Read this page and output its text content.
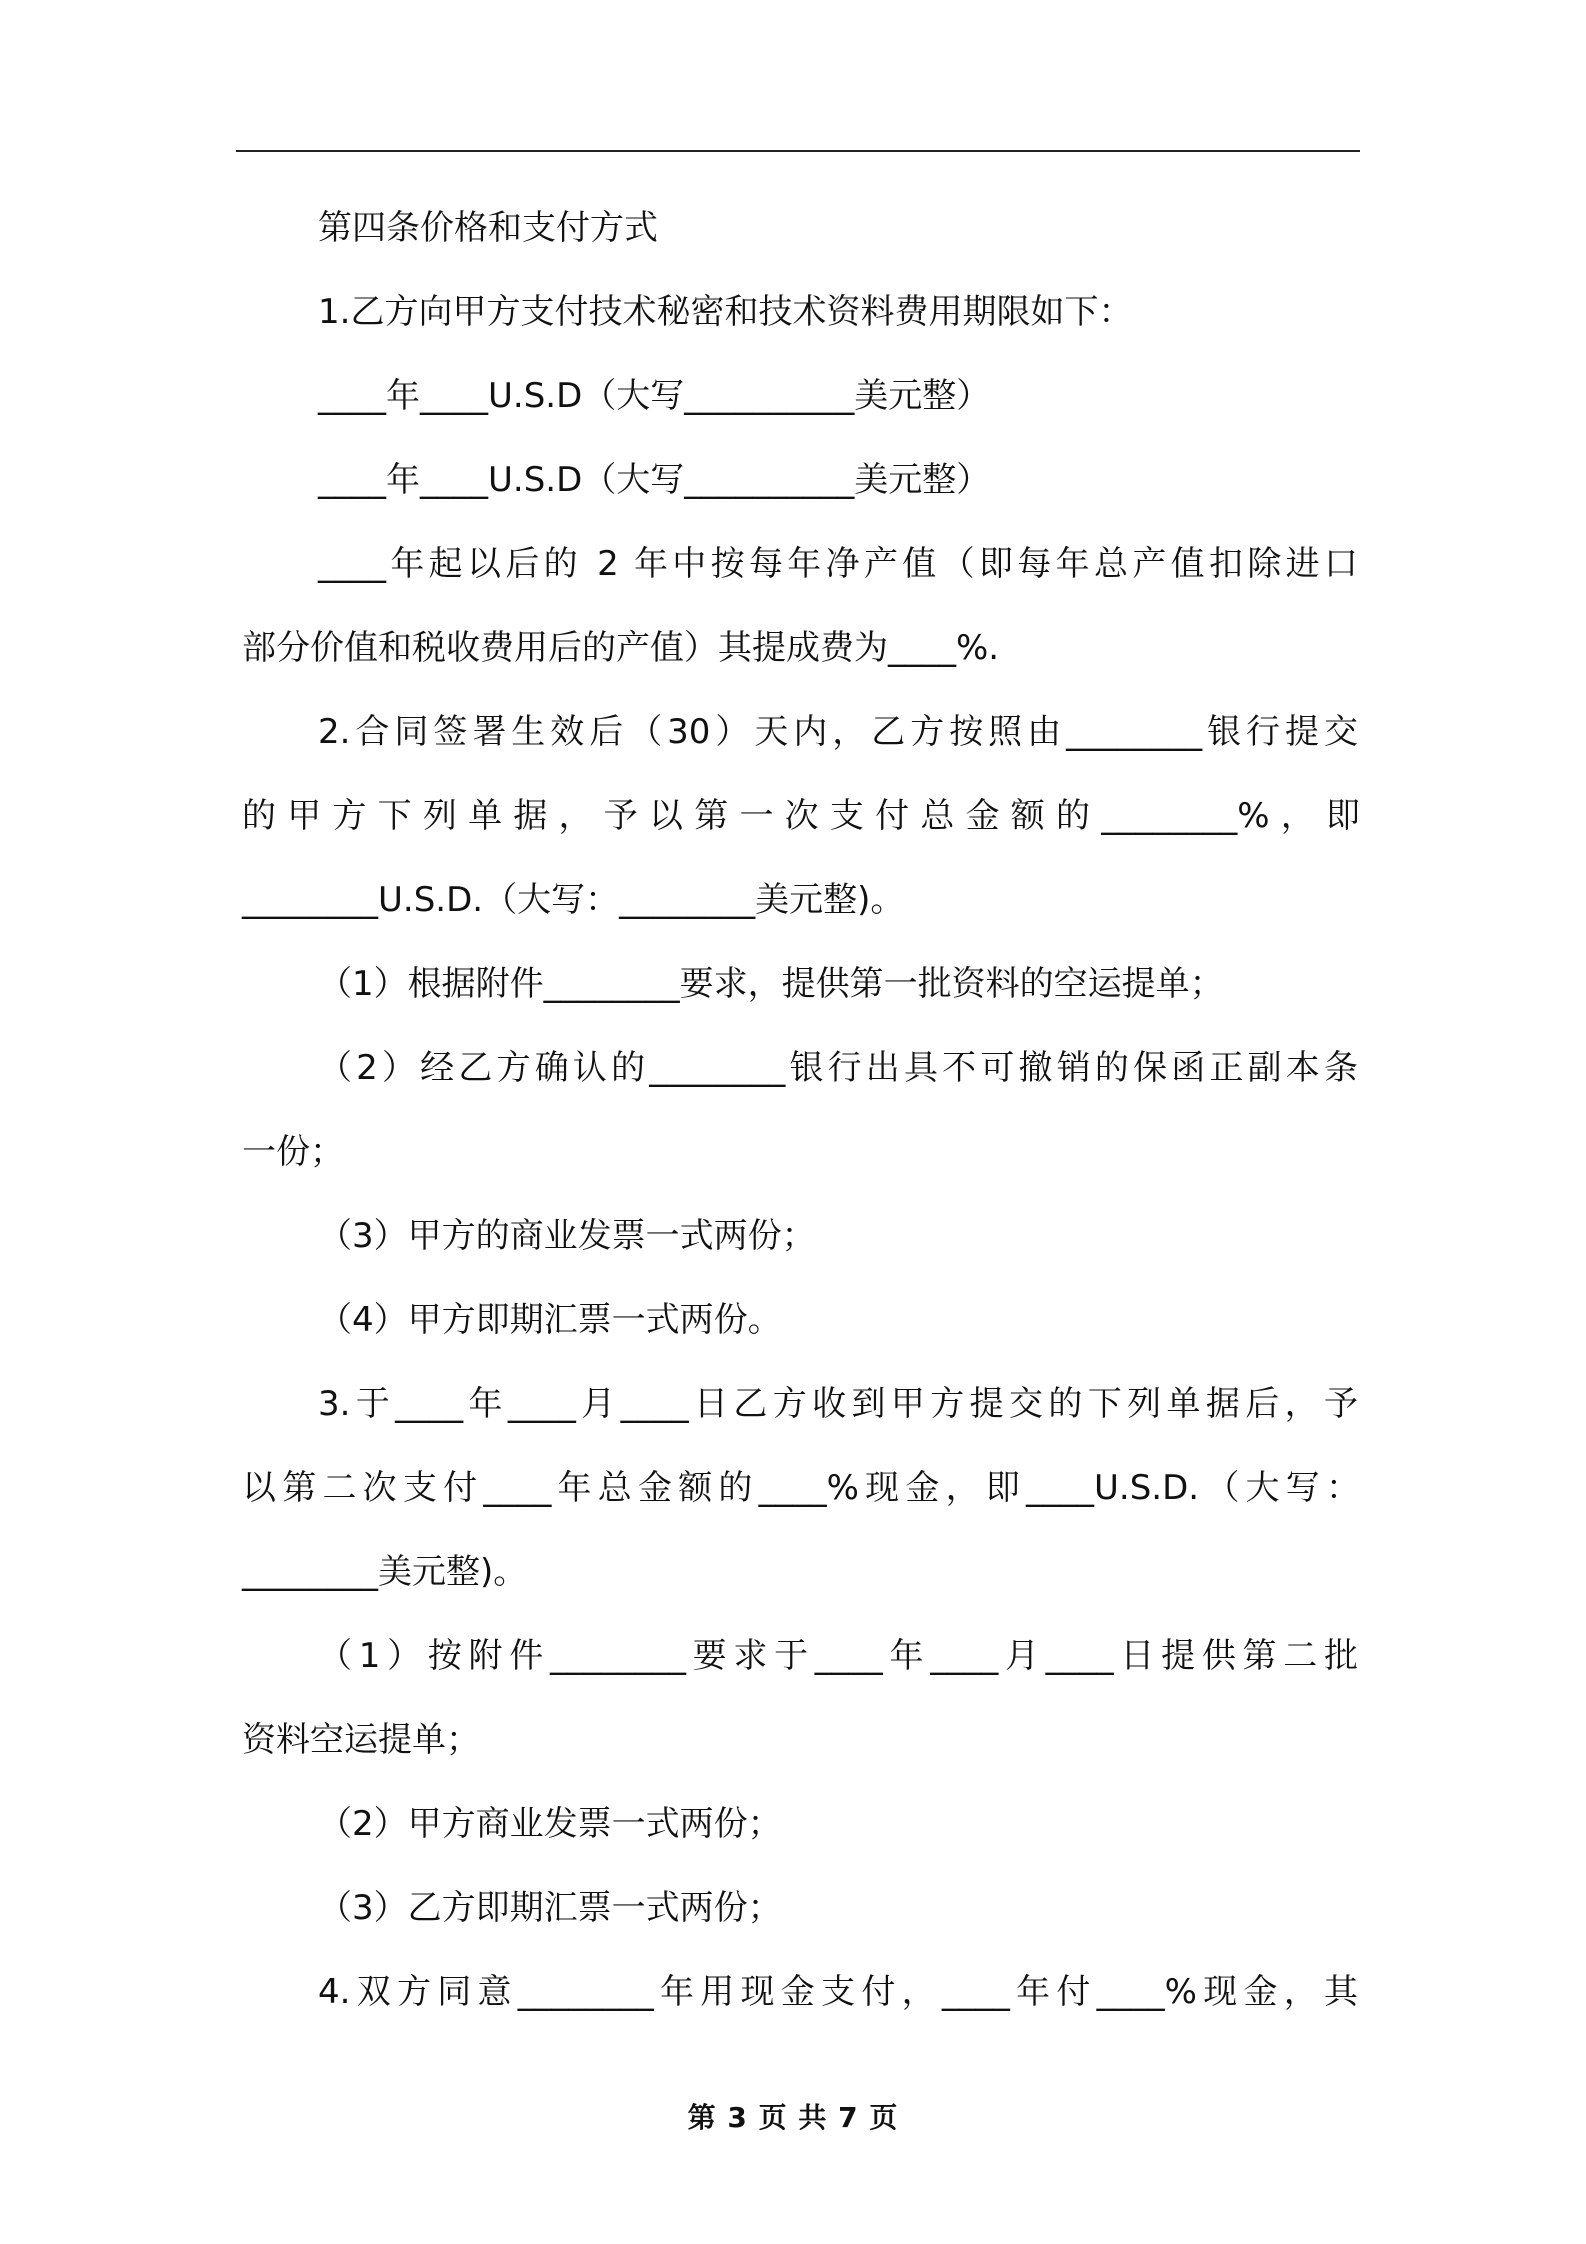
第四条价格和支付方式

1.乙方向甲方支付技术秘密和技术资料费用期限如下：

____年____U.S.D（大写__________美元整）

____年____U.S.D（大写__________美元整）

____年起以后的 2 年中按每年净产值（即每年总产值扣除进口

部分价值和税收费用后的产值）其提成费为____%.

2.合同签署生效后（30）天内，乙方按照由________银行提交

的甲方下列单据，予以第一次支付总金额的________%，即

________U.S.D.（大写：________美元整)。

（1）根据附件________要求，提供第一批资料的空运提单；

（2）经乙方确认的________银行出具不可撤销的保函正副本条

一份；

（3）甲方的商业发票一式两份；

（4）甲方即期汇票一式两份。

3.于____年____月____日乙方收到甲方提交的下列单据后，予

以第二次支付____年总金额的____%现金，即____U.S.D.（大写：

________美元整)。

（1）按附件________要求于____年____月____日提供第二批

资料空运提单；

（2）甲方商业发票一式两份；

（3）乙方即期汇票一式两份；

4.双方同意________年用现金支付，____年付____%现金，其

第 3 页 共 7 页
